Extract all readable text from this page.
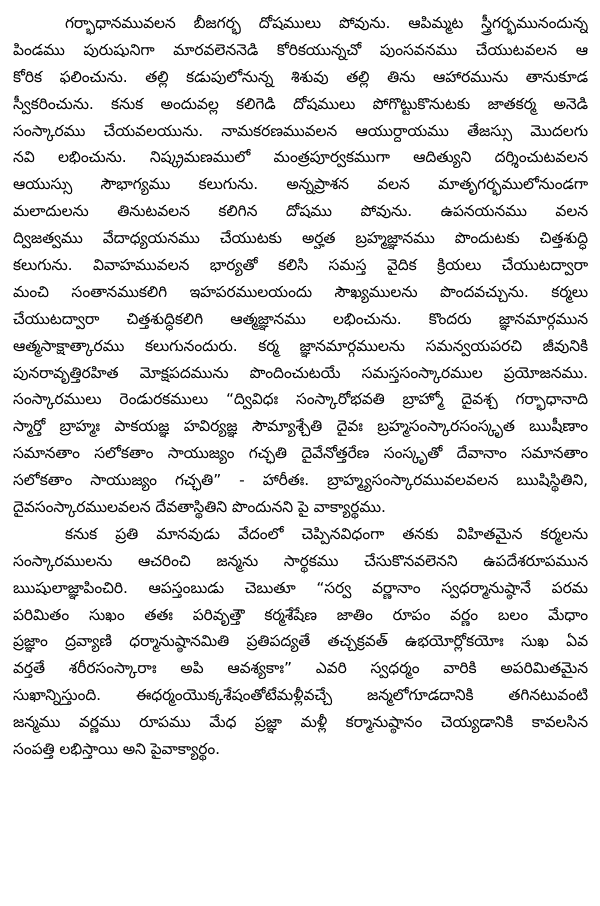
గర్భాధానమువలన బీజగర్భ దోషములు పోవును. ఆపిమ్మట స్త్రీగర్భమునందున్న
పిండము పురుషునిగా మారవలెననెడి కోరికయున్నచో పుంసవనము చేయుటవలన ఆ
కోరిక ఫలించును. తల్లి కడుపులోనున్న శిశువు తల్లి తిను ఆహారమును తానుకూడ
స్వీకరించును. కనుక అందువల్ల కలిగెడి దోషములు పోగొట్టుకొనుటకు జాతకర్మ అనెడి
సంస్కారము చేయవలయును. నామకరణమువలన ఆయుర్దాయము తేజస్సు మొదలగు
నవి లభించును. నిష్క్రమణములో మంత్రపూర్వకముగా ఆదిత్యుని దర్శించుటవలన
ఆయుస్సు సౌభాగ్యము కలుగును. అన్నప్రాశన వలన మాతృగర్భములోనుండగా
మలాదులను తినుటవలన కలిగిన దోషము పోవును. ఉపనయనము వలన
ద్విజత్వము వేదాధ్యయనము చేయుటకు అర్హత బ్రహ్మజ్ఞానము పొందుటకు చిత్తశుద్ధి
కలుగును. వివాహమువలన భార్యతో కలిసి సమస్త వైదిక క్రియలు చేయుటద్వారా
మంచి సంతానముకలిగి ఇహపరములయందు సౌఖ్యములను పొందవచ్చును. కర్మలు
చేయుటద్వారా చిత్తశుద్ధికలిగి ఆత్మజ్ఞానము లభించును. కొందరు జ్ఞానమార్గమున
ఆత్మసాక్షాత్కారము కలుగునందురు. కర్మ జ్ఞానమార్గములను సమన్వయపరచి జీవునికి
పునరావృత్తిరహిత మోక్షపదమును పొందించుటయే సమస్తసంస్కారముల ప్రయోజనము.
సంస్కారములు రెండురకములు “ద్వివిధః సంస్కారోభవతి బ్రాహ్మో దైవశ్చ గర్భాధానాది
స్మార్తో బ్రాహ్మః పాకయజ్ఞ హవిర్యజ్ఞ సౌమ్యాశ్చేతి దైవః బ్రహ్మసంస్కారసంస్కృత ఋషీణాం
సమానతాం సలోకతాం సాయుజ్యం గచ్ఛతి దైవేనోత్తరేణ సంస్కృతో దేవానాం సమానతాం
సలోకతాం సాయుజ్యం గచ్ఛతి” - హారీతః. బ్రాహ్మ్యసంస్కారమువలవలన ఋషిస్థితిని,
దైవసంస్కారములవలన దేవతాస్థితిని పొందునని పై వాక్యార్థము.
కనుక ప్రతి మానవుడు వేదంలో చెప్పినవిధంగా తనకు విహితమైన కర్మలను
సంస్కారములను ఆచరించి జన్మను సార్థకము చేసుకొనవలెనని ఉపదేశరూపమున
ఋషులాజ్ఞాపించిరి. ఆపస్తంబుడు చెబుతూ “సర్వ వర్ణానాం స్వధర్మానుష్ఠానే పరమ
పరిమితం సుఖం తతః పరివృత్తౌ కర్మశేషేణ జాతిం రూపం వర్ణం బలం మేధాం
ప్రజ్ఞాం ద్రవ్యాణి ధర్మానుష్ఠానమితి ప్రతిపద్యతే తచ్చక్రవత్ ఉభయోర్లోకయోః సుఖ ఏవ
వర్తతే శరీరసంస్కారాః అపి ఆవశ్యకాః” ఎవరి స్వధర్మం వారికి అపరిమితమైన
సుఖాన్నిస్తుంది. ఈధర్మంయొక్కశేషంతోటేమళ్లీవచ్చే జన్మలోగూడదానికి తగినటువంటి
జన్మము వర్ణము రూపము మేధ ప్రజ్ఞా మళ్లీ కర్మానుష్ఠానం చెయ్యడానికి కావలసిన
సంపత్తి లభిస్తాయి అని పైవాక్యార్థం.
